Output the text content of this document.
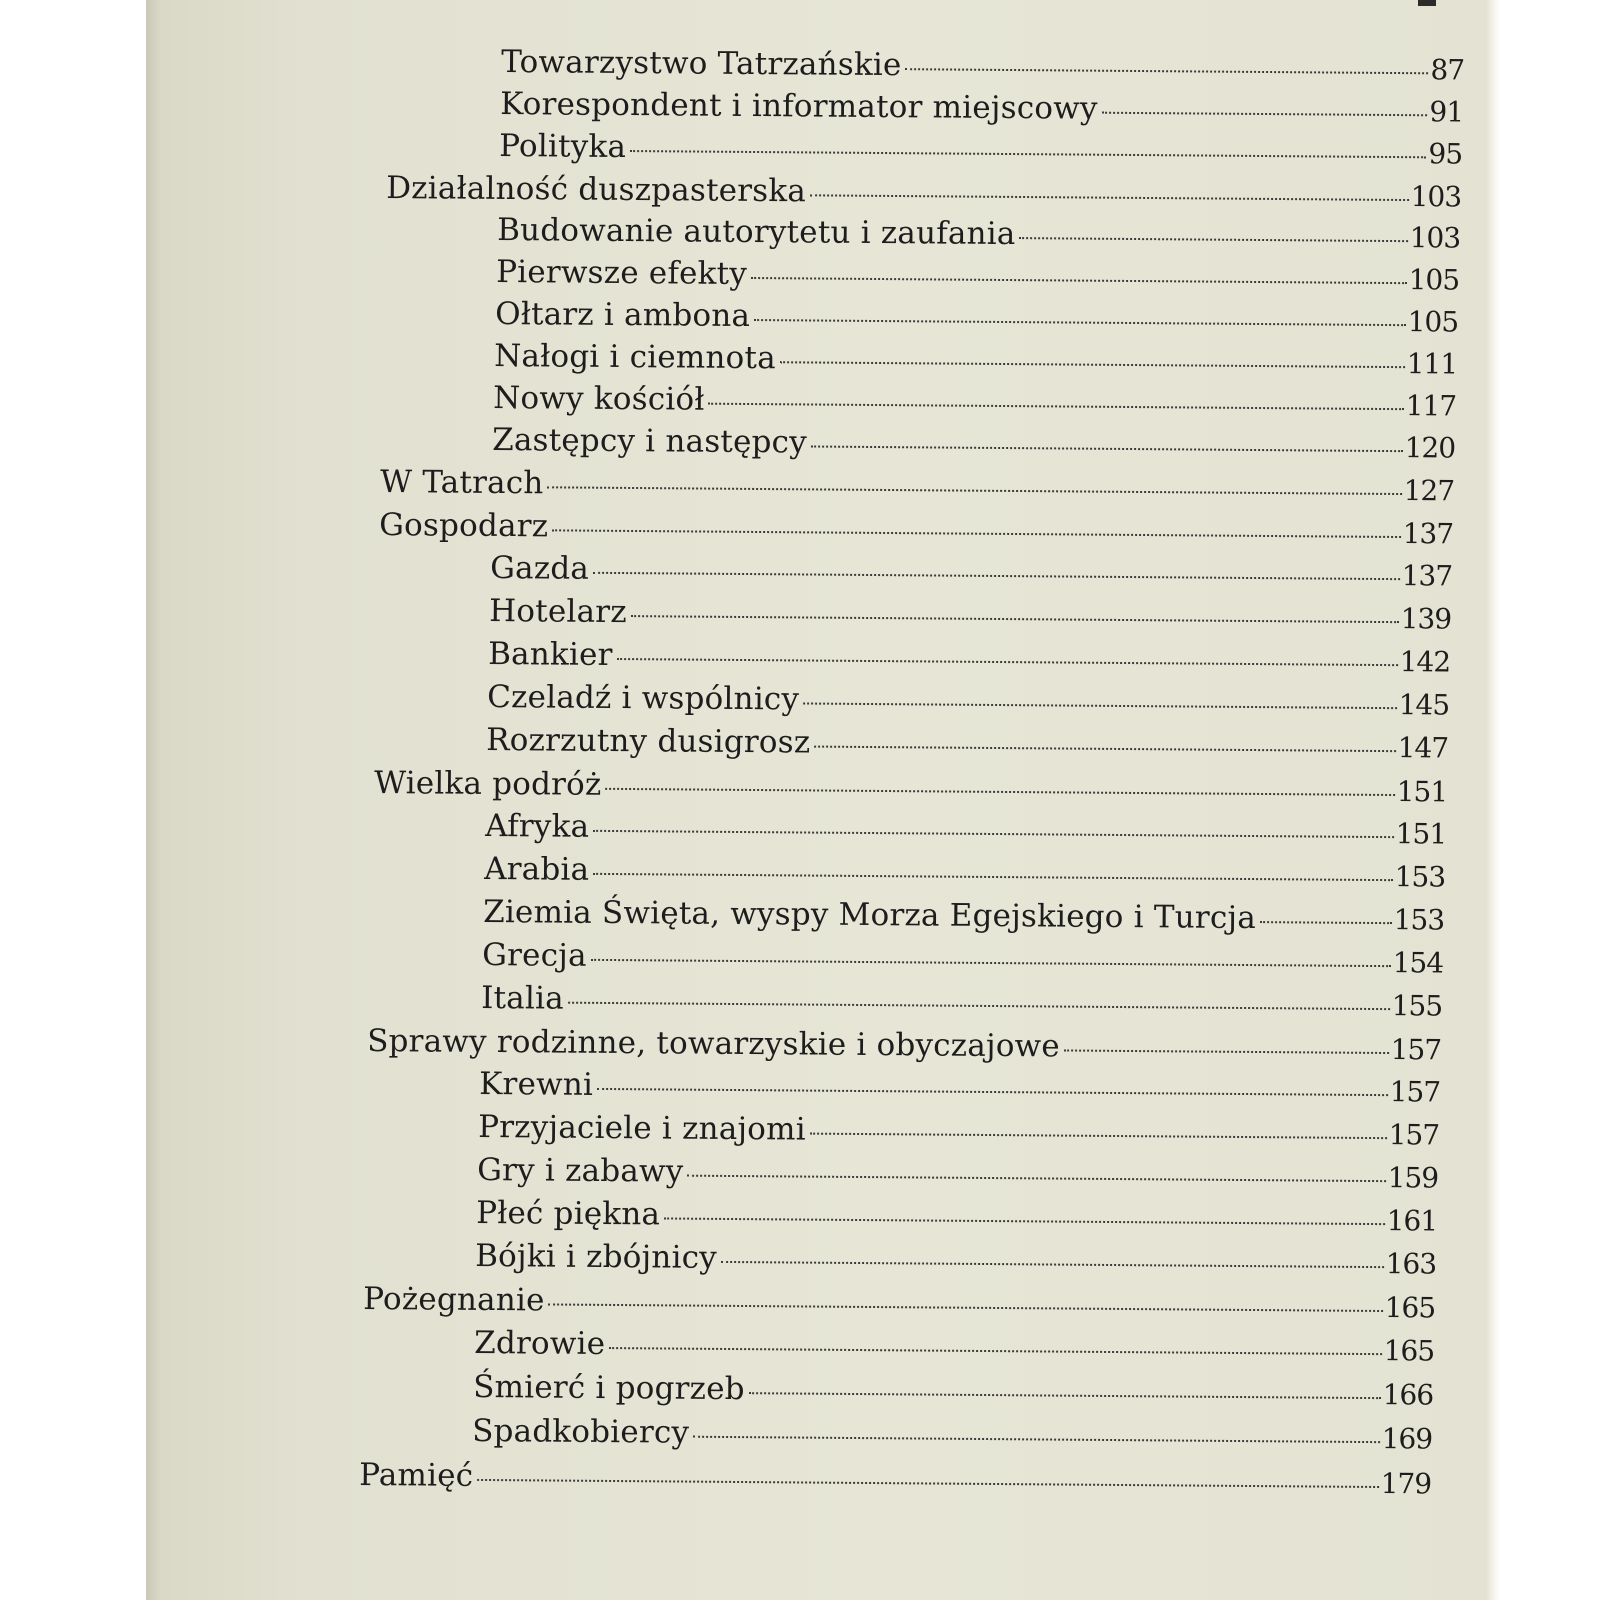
Towarzystwo Tatrzańskie	87
Korespondent i informator miejscowy	91
Polityka	95
Działalność duszpasterska	103
Budowanie autorytetu i zaufania	103
Pierwsze efekty	105
Ołtarz i ambona	105
Nałogi i ciemnota	111
Nowy kościół	117
Zastępcy i następcy	120
W Tatrach	127
Gospodarz	137
Gazda	137
Hotelarz	139
Bankier	142
Czeladź i wspólnicy	145
Rozrzutny dusigrosz	147
Wielka podróż	151
Afryka	151
Arabia	153
Ziemia Święta, wyspy Morza Egejskiego i Turcja	153
Grecja	154
Italia	155
Sprawy rodzinne, towarzyskie i obyczajowe	157
Krewni	157
Przyjaciele i znajomi	157
Gry i zabawy	159
Płeć piękna	161
Bójki i zbójnicy	163
Pożegnanie	165
Zdrowie	165
Śmierć i pogrzeb	166
Spadkobiercy	169
Pamięć	179
